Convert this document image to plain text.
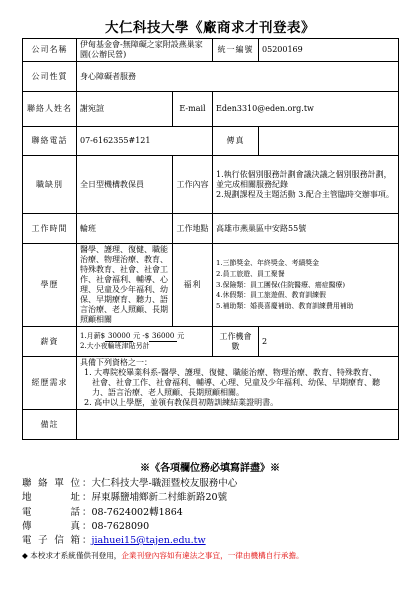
大仁科技大學《廠商求才刊登表》
公司名稱	伊甸基金會-無障礙之家附設燕巢家園(公辦民營)		統一編號	05200169
公司性質	身心障礙者服務			
聯絡人姓名	謝宛諠	E-mail	Eden3310@eden.org.tw	
聯絡電話	07-6162355#121		傳真	
職缺別	全日型機構教保員	工作內容	1.執行依個別服務計劃會議決議之個別服務計劃，並完成相關服務紀錄
2.規劃課程及主題活動 3.配合主管臨時交辦事項。	

工作時間	輪班	工作地點	高雄市燕巢區中安路55號	
學歷	醫學、護理、復健、職能治療、物理治療、教育、特殊教育、社會、社會工作、社會福利、輔導、心理、兒童及少年福利、幼保、早期療育、聽力、語言治療、老人照顧、長期照顧相關	福利	1.三節獎金、年終獎金、考績獎金
2.員工旅遊、員工聚餐
3.保險類：員工團保(住院醫療、癌症醫療)
4.休假類：員工旅遊假、教育訓練假
5.補助類：婚喪喜慶補助、教育訓練費用補助	

薪資	1.月薪$ 30000 元 -$ 36000 元
2.大小夜輪班津貼另計		工作機會數	2
經歷需求	具備下列資格之一：
1. 大專院校畢業科系-醫學、護理、復健、職能治療、物理治療、教育、特殊教育、
社會、社會工作、社會福利、輔導、心理、兒童及少年福利、幼保、早期療育、聽
力、語言治療、老人照顧、長期照顧相關。
2. 高中以上學歷，並領有教保員初階訓練結業證明書。			

備註				
※《各項欄位務必填寫詳盡》※
聯絡單位 ：大仁科技大學-職涯暨校友服務中心
地址 ：屏東縣鹽埔鄉新二村維新路20號
電話 ：08-7624002轉1864
傳真 ：08-7628090
電子信箱 ： jiahuei15@tajen.edu.tw
◆ 本校求才系統僅供刊登用，企業刊登內容如有違法之事宜，一律由機構自行承擔。
